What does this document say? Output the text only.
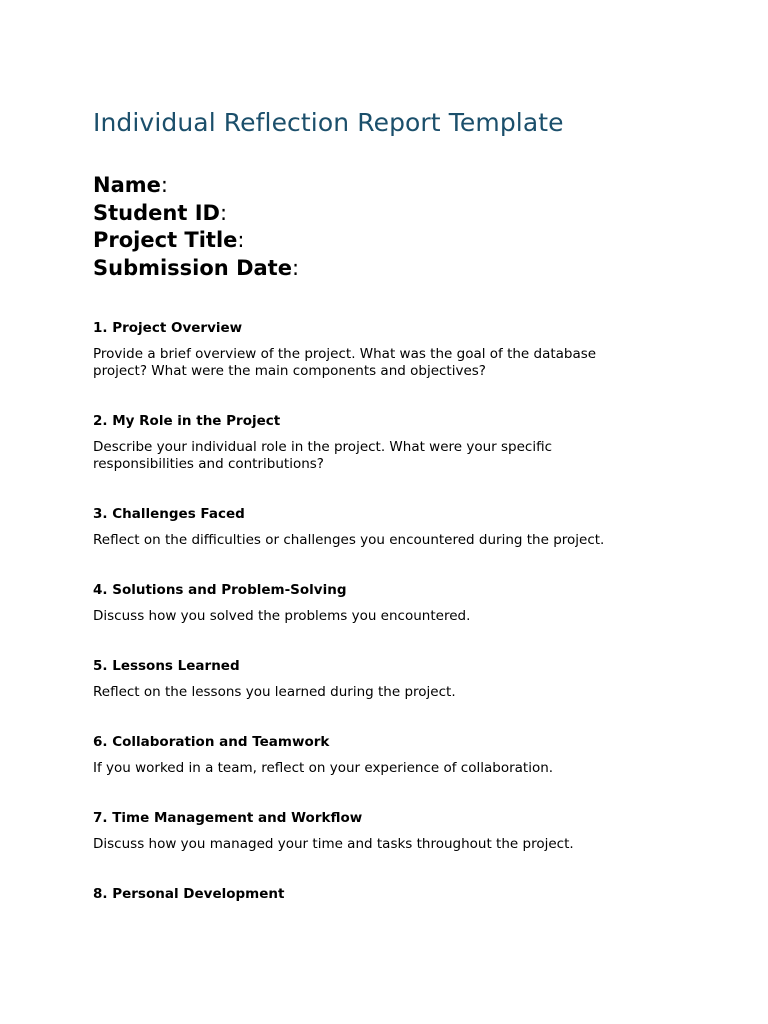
Individual Reflection Report Template
Name:
Student ID:
Project Title:
Submission Date:
1. Project Overview

Provide a brief overview of the project. What was the goal of the database project? What were the main components and objectives?

2. My Role in the Project

Describe your individual role in the project. What were your specific responsibilities and contributions?

3. Challenges Faced

Reflect on the difficulties or challenges you encountered during the project.

4. Solutions and Problem-Solving

Discuss how you solved the problems you encountered.

5. Lessons Learned

Reflect on the lessons you learned during the project.

6. Collaboration and Teamwork

If you worked in a team, reflect on your experience of collaboration.

7. Time Management and Workflow

Discuss how you managed your time and tasks throughout the project.

8. Personal Development
